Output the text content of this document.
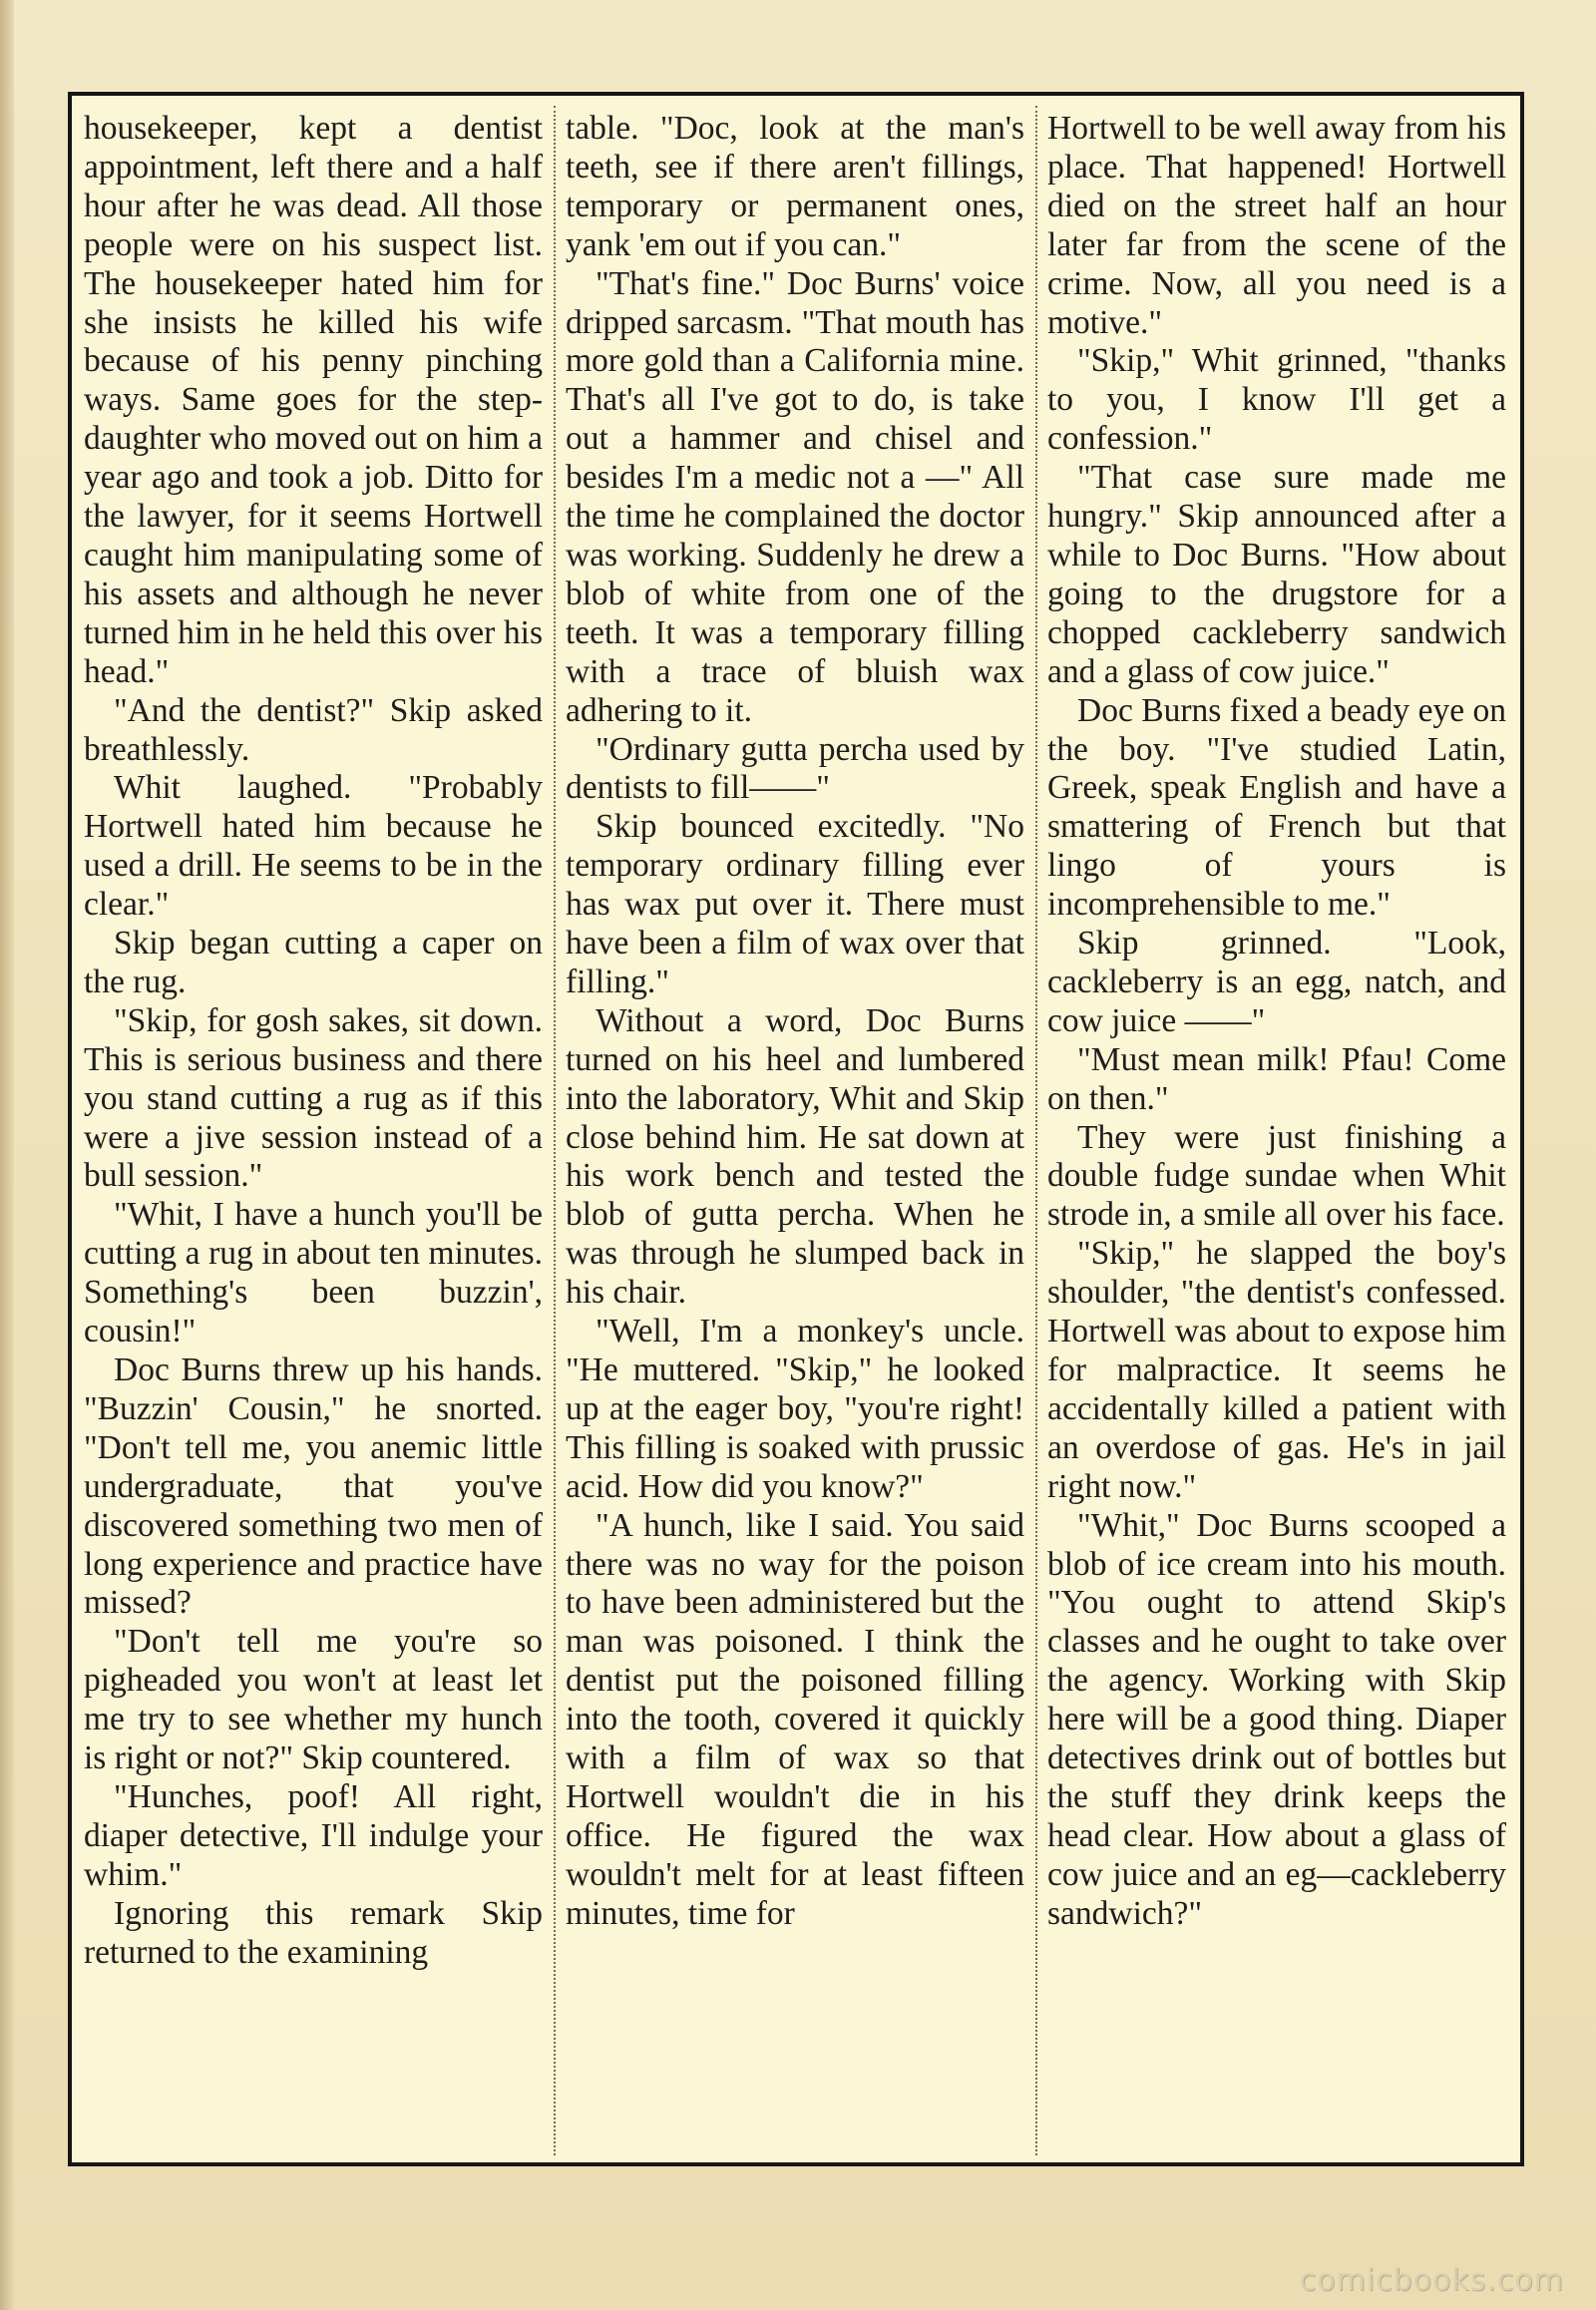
housekeeper, kept a dentist appointment, left there and a half hour after he was dead. All those people were on his suspect list. The housekeeper hated him for she insists he killed his wife because of his penny pinching ways. Same goes for the step-daughter who moved out on him a year ago and took a job. Ditto for the lawyer, for it seems Hortwell caught him manipulating some of his assets and although he never turned him in he held this over his head."

"And the dentist?" Skip asked breathlessly.

Whit laughed. "Probably Hortwell hated him because he used a drill. He seems to be in the clear."

Skip began cutting a caper on the rug.

"Skip, for gosh sakes, sit down. This is serious business and there you stand cutting a rug as if this were a jive session instead of a bull session."

"Whit, I have a hunch you'll be cutting a rug in about ten minutes. Something's been buzzin', cousin!"

Doc Burns threw up his hands. "Buzzin' Cousin," he snorted. "Don't tell me, you anemic little undergraduate, that you've discovered something two men of long experience and practice have missed?

"Don't tell me you're so pigheaded you won't at least let me try to see whether my hunch is right or not?" Skip countered.

"Hunches, poof! All right, diaper detective, I'll indulge your whim."

Ignoring this remark Skip returned to the examining

table. "Doc, look at the man's teeth, see if there aren't fillings, temporary or permanent ones, yank 'em out if you can."

"That's fine." Doc Burns' voice dripped sarcasm. "That mouth has more gold than a California mine. That's all I've got to do, is take out a hammer and chisel and besides I'm a medic not a —" All the time he complained the doctor was working. Suddenly he drew a blob of white from one of the teeth. It was a temporary filling with a trace of bluish wax adhering to it.

"Ordinary gutta percha used by dentists to fill——"

Skip bounced excitedly. "No temporary ordinary filling ever has wax put over it. There must have been a film of wax over that filling."

Without a word, Doc Burns turned on his heel and lumbered into the laboratory, Whit and Skip close behind him. He sat down at his work bench and tested the blob of gutta percha. When he was through he slumped back in his chair.

"Well, I'm a monkey's uncle. "He muttered. "Skip," he looked up at the eager boy, "you're right! This filling is soaked with prussic acid. How did you know?"

"A hunch, like I said. You said there was no way for the poison to have been administered but the man was poisoned. I think the dentist put the poisoned filling into the tooth, covered it quickly with a film of wax so that Hortwell wouldn't die in his office. He figured the wax wouldn't melt for at least fifteen minutes, time for

Hortwell to be well away from his place. That happened! Hortwell died on the street half an hour later far from the scene of the crime. Now, all you need is a motive."

"Skip," Whit grinned, "thanks to you, I know I'll get a confession."

"That case sure made me hungry." Skip announced after a while to Doc Burns. "How about going to the drugstore for a chopped cackleberry sandwich and a glass of cow juice."

Doc Burns fixed a beady eye on the boy. "I've studied Latin, Greek, speak English and have a smattering of French but that lingo of yours is incomprehensible to me."

Skip grinned. "Look, cackleberry is an egg, natch, and cow juice ——"

"Must mean milk! Pfau! Come on then."

They were just finishing a double fudge sundae when Whit strode in, a smile all over his face.

"Skip," he slapped the boy's shoulder, "the dentist's confessed. Hortwell was about to expose him for malpractice. It seems he accidentally killed a patient with an overdose of gas. He's in jail right now."

"Whit," Doc Burns scooped a blob of ice cream into his mouth. "You ought to attend Skip's classes and he ought to take over the agency. Working with Skip here will be a good thing. Diaper detectives drink out of bottles but the stuff they drink keeps the head clear. How about a glass of cow juice and an eg—cackleberry sandwich?"

comicbooks.com
